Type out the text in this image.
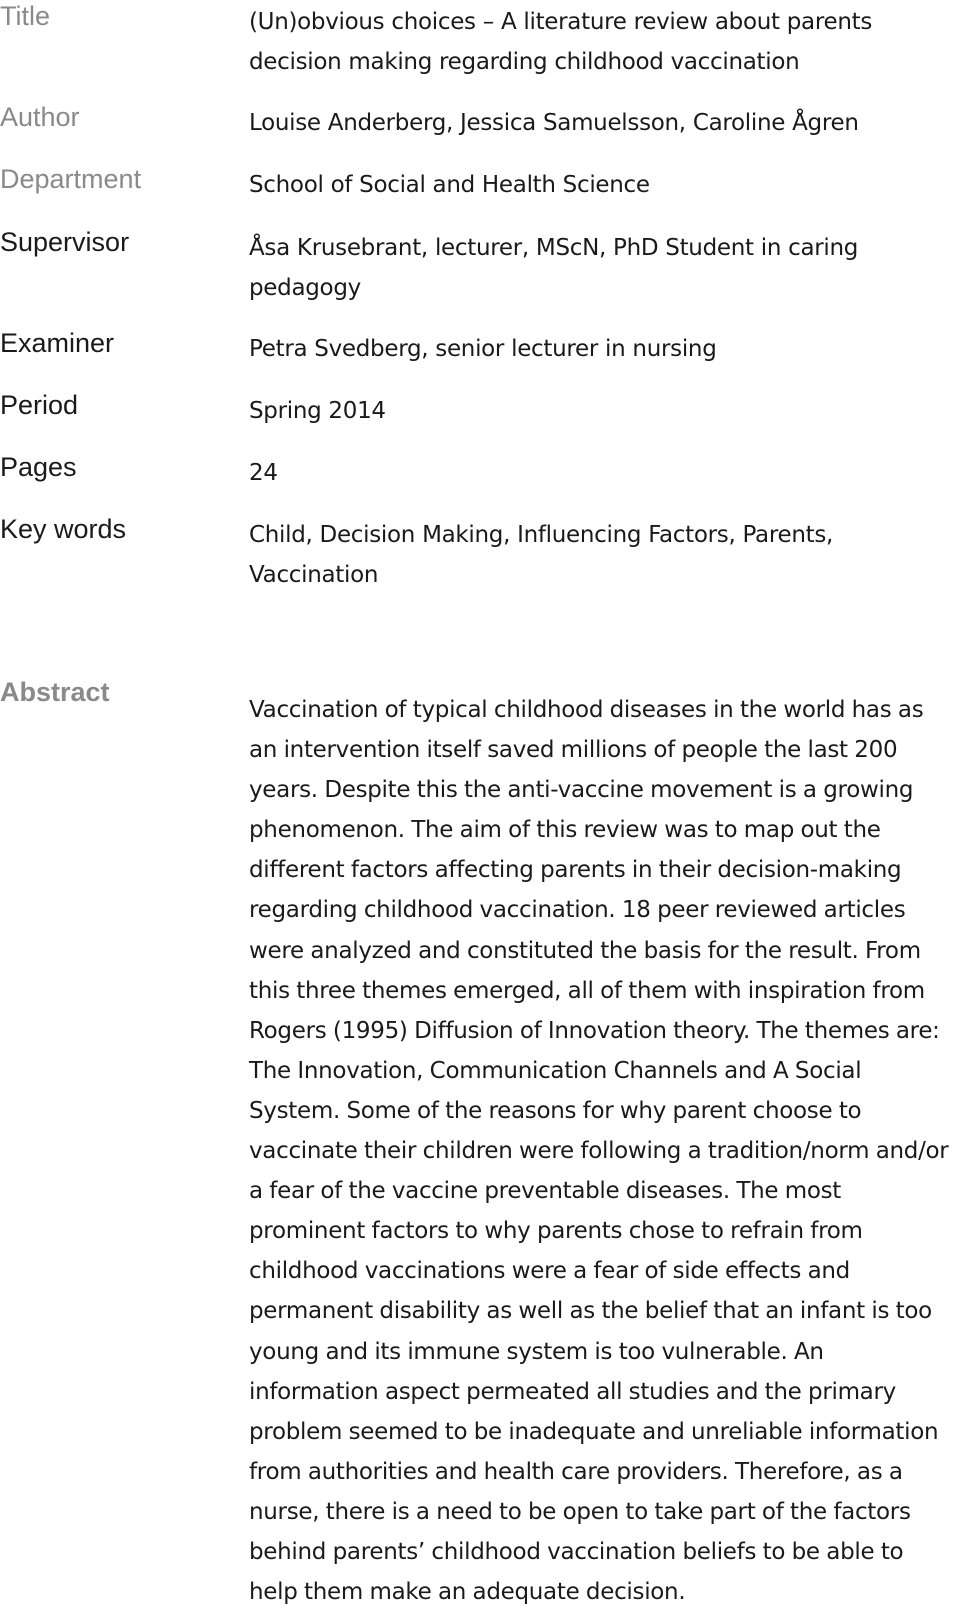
Title	(Un)obvious choices – A literature review about parents decision making regarding childhood vaccination
Author	Louise Anderberg, Jessica Samuelsson, Caroline Ågren
Department	School of Social and Health Science
Supervisor	Åsa Krusebrant, lecturer, MScN, PhD Student in caring pedagogy
Examiner	Petra Svedberg, senior lecturer in nursing
Period	Spring 2014
Pages	24
Key words	Child, Decision Making, Influencing Factors, Parents, Vaccination
Abstract
Vaccination of typical childhood diseases in the world has as an intervention itself saved millions of people the last 200 years. Despite this the anti-vaccine movement is a growing phenomenon. The aim of this review was to map out the different factors affecting parents in their decision-making regarding childhood vaccination. 18 peer reviewed articles were analyzed and constituted the basis for the result. From this three themes emerged, all of them with inspiration from Rogers (1995) Diffusion of Innovation theory. The themes are: The Innovation, Communication Channels and A Social System. Some of the reasons for why parent choose to vaccinate their children were following a tradition/norm and/or a fear of the vaccine preventable diseases. The most prominent factors to why parents chose to refrain from childhood vaccinations were a fear of side effects and permanent disability as well as the belief that an infant is too young and its immune system is too vulnerable. An information aspect permeated all studies and the primary problem seemed to be inadequate and unreliable information from authorities and health care providers. Therefore, as a nurse, there is a need to be open to take part of the factors behind parents’ childhood vaccination beliefs to be able to help them make an adequate decision.
